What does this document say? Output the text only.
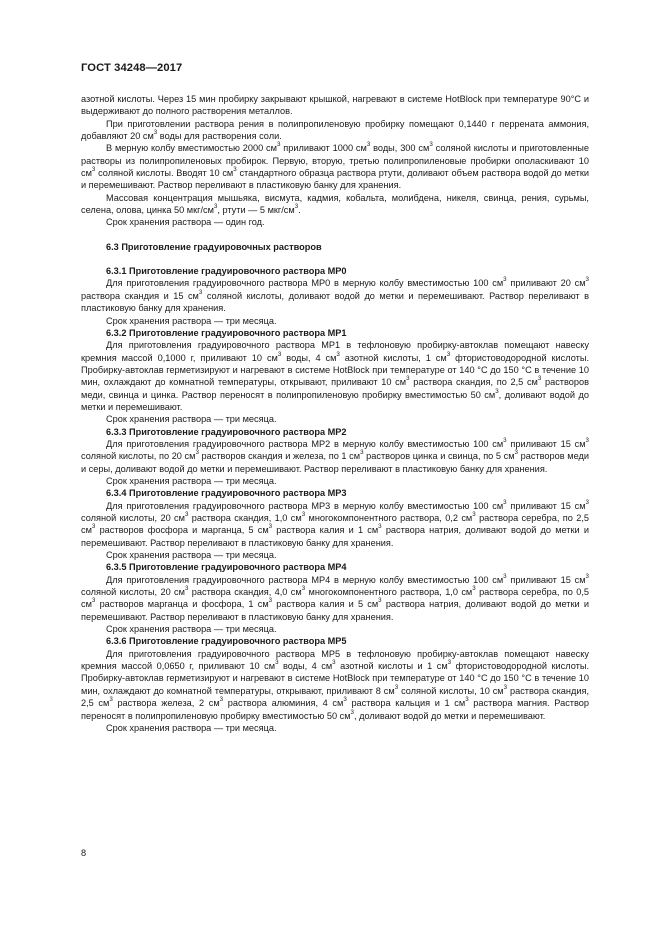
ГОСТ 34248—2017
азотной кислоты. Через 15 мин пробирку закрывают крышкой, нагревают в системе HotBlock при температуре 90°С и выдерживают до полного растворения металлов.
При приготовлении раствора рения в полипропиленовую пробирку помещают 0,1440 г перрената аммония, добавляют 20 $см^3$ воды для растворения соли.
В мерную колбу вместимостью 2000 $см^3$ приливают 1000 $см^3$ воды, 300 $см^3$ соляной кислоты и приготовленные растворы из полипропиленовых пробирок. Первую, вторую, третью полипропиленовые пробирки ополаскивают 10 $см^3$ соляной кислоты. Вводят 10 $см^3$ стандартного образца раствора ртути, доливают объем раствора водой до метки и перемешивают. Раствор переливают в пластиковую банку для хранения.
Массовая концентрация мышьяка, висмута, кадмия, кобальта, молибдена, никеля, свинца, рения, сурьмы, селена, олова, цинка 50 мкг/$см^3$, ртути — 5 мкг/$см^3$.
Срок хранения раствора — один год.
6.3 Приготовление градуировочных растворов
6.3.1 Приготовление градуировочного раствора МР0
Для приготовления градуировочного раствора МР0 в мерную колбу вместимостью 100 $см^3$ приливают 20 $см^3$ раствора скандия и 15 $см^3$ соляной кислоты, доливают водой до метки и перемешивают. Раствор переливают в пластиковую банку для хранения.
Срок хранения раствора — три месяца.
6.3.2 Приготовление градуировочного раствора МР1
Для приготовления градуировочного раствора МР1 в тефлоновую пробирку-автоклав помещают навеску кремния массой 0,1000 г, приливают 10 $см^3$ воды, 4 $см^3$ азотной кислоты, 1 $см^3$ фтористоводородной кислоты. Пробирку-автоклав герметизируют и нагревают в системе HotBlock при температуре от 140 °С до 150 °С в течение 10 мин, охлаждают до комнатной температуры, открывают, приливают 10 $см^3$ раствора скандия, по 2,5 $см^3$ растворов меди, свинца и цинка. Раствор переносят в полипропиленовую пробирку вместимостью 50 $см^3$, доливают водой до метки и перемешивают.
Срок хранения раствора — три месяца.
6.3.3 Приготовление градуировочного раствора МР2
Для приготовления градуировочного раствора МР2 в мерную колбу вместимостью 100 $см^3$ приливают 15 $см^3$ соляной кислоты, по 20 $см^3$ растворов скандия и железа, по 1 $см^3$ растворов цинка и свинца, по 5 $см^3$ растворов меди и серы, доливают водой до метки и перемешивают. Раствор переливают в пластиковую банку для хранения.
Срок хранения раствора — три месяца.
6.3.4 Приготовление градуировочного раствора МР3
Для приготовления градуировочного раствора МР3 в мерную колбу вместимостью 100 $см^3$ приливают 15 $см^3$ соляной кислоты, 20 $см^3$ раствора скандия, 1,0 $см^3$ многокомпонентного раствора, 0,2 $см^3$ раствора серебра, по 2,5 $см^3$ растворов фосфора и марганца, 5 $см^3$ раствора калия и 1 $см^3$ раствора натрия, доливают водой до метки и перемешивают. Раствор переливают в пластиковую банку для хранения.
Срок хранения раствора — три месяца.
6.3.5 Приготовление градуировочного раствора МР4
Для приготовления градуировочного раствора МР4 в мерную колбу вместимостью 100 $см^3$ приливают 15 $см^3$ соляной кислоты, 20 $см^3$ раствора скандия, 4,0 $см^3$ многокомпонентного раствора, 1,0 $см^3$ раствора серебра, по 0,5 $см^3$ растворов марганца и фосфора, 1 $см^3$ раствора калия и 5 $см^3$ раствора натрия, доливают водой до метки и перемешивают. Раствор переливают в пластиковую банку для хранения.
Срок хранения раствора — три месяца.
6.3.6 Приготовление градуировочного раствора МР5
Для приготовления градуировочного раствора МР5 в тефлоновую пробирку-автоклав помещают навеску кремния массой 0,0650 г, приливают 10 $см^3$ воды, 4 $см^3$ азотной кислоты и 1 $см^3$ фтористоводородной кислоты. Пробирку-автоклав герметизируют и нагревают в системе HotBlock при температуре от 140 °С до 150 °С в течение 10 мин, охлаждают до комнатной температуры, открывают, приливают 8 $см^3$ соляной кислоты, 10 $см^3$ раствора скандия, 2,5 $см^3$ раствора железа, 2 $см^3$ раствора алюминия, 4 $см^3$ раствора кальция и 1 $см^3$ раствора магния. Раствор переносят в полипропиленовую пробирку вместимостью 50 $см^3$, доливают водой до метки и перемешивают.
Срок хранения раствора — три месяца.
8
